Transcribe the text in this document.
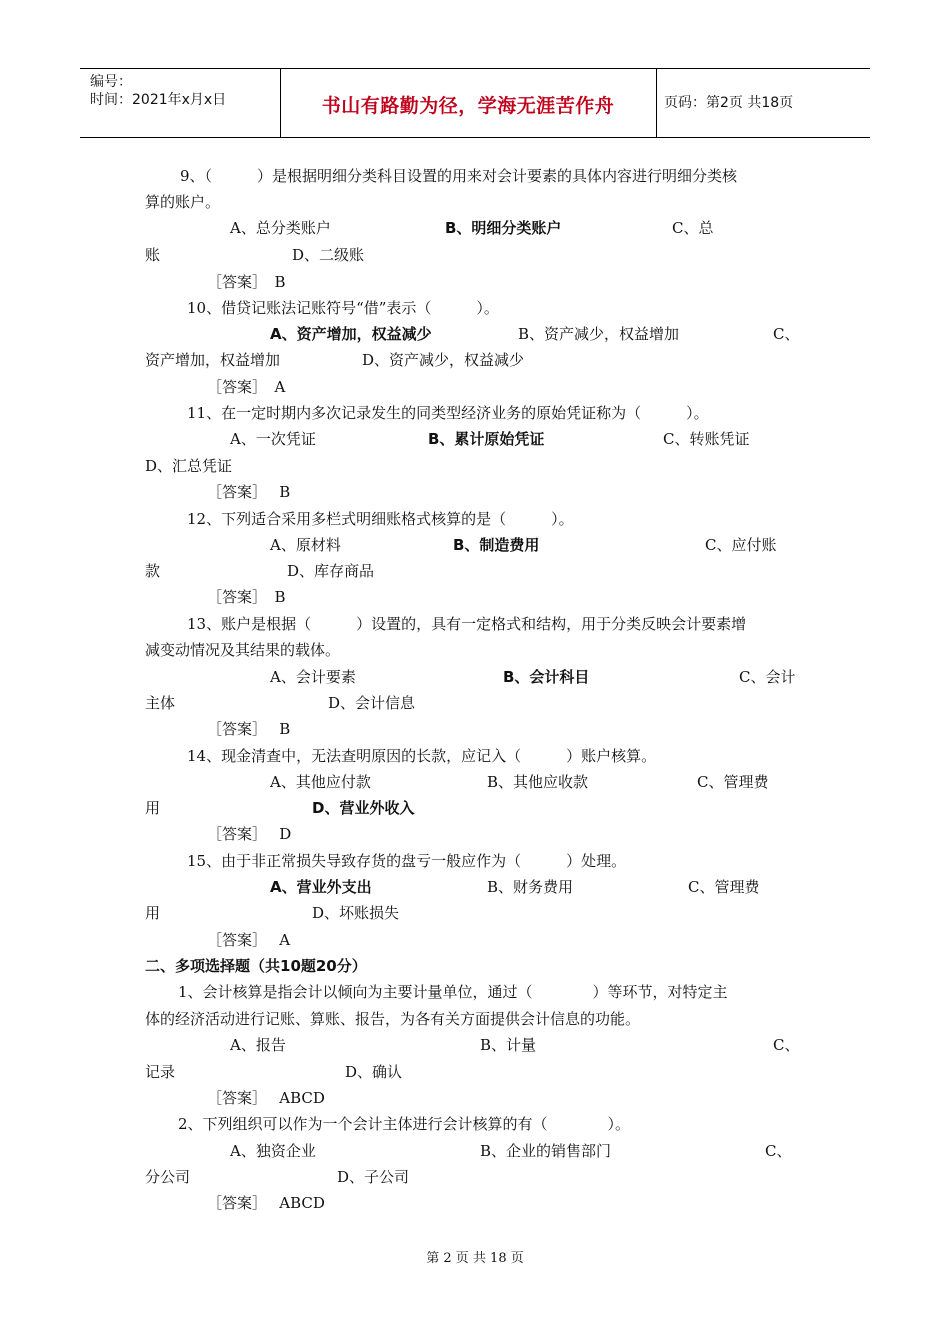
编号：
时间：2021年x月x日	书山有路勤为径，学海无涯苦作舟	页码：第2页 共18页
9、（　　　）是根据明细分类科目设置的用来对会计要素的具体内容进行明细分类核
算的账户。
A、总分类账户	B、明细分类账户	C、总
账	D、二级账
［答案］　B
10、借贷记账法记账符号“借”表示（　　　）。
A、资产增加，权益减少	B、资产减少，权益增加	C、
资产增加，权益增加	D、资产减少，权益减少
［答案］　A
11、在一定时期内多次记录发生的同类型经济业务的原始凭证称为（　　　）。
A、一次凭证	B、累计原始凭证	C、转账凭证
D、汇总凭证
［答案］　 B
12、下列适合采用多栏式明细账格式核算的是（　　　）。
A、原材料	B、制造费用	C、应付账
款	D、库存商品
［答案］　B
13、账户是根据（　　　）设置的，具有一定格式和结构，用于分类反映会计要素增
减变动情况及其结果的载体。
A、会计要素	B、会计科目	C、会计
主体	D、会计信息
［答案］　 B
14、现金清查中，无法查明原因的长款，应记入（　　　）账户核算。
A、其他应付款	B、其他应收款	C、管理费
用	D、营业外收入
［答案］　 D
15、由于非正常损失导致存货的盘亏一般应作为（　　　）处理。
A、营业外支出	B、财务费用	C、管理费
用	D、坏账损失
［答案］　 A
二、多项选择题（共10题20分）
1、会计核算是指会计以倾向为主要计量单位，通过（　　　　）等环节，对特定主
体的经济活动进行记账、算账、报告，为各有关方面提供会计信息的功能。
A、报告	B、计量	C、
记录	D、确认
［答案］　 ABCD
2、下列组织可以作为一个会计主体进行会计核算的有（　　　　）。
A、独资企业	B、企业的销售部门	C、
分公司	D、子公司
［答案］　 ABCD
第 2 页 共 18 页
